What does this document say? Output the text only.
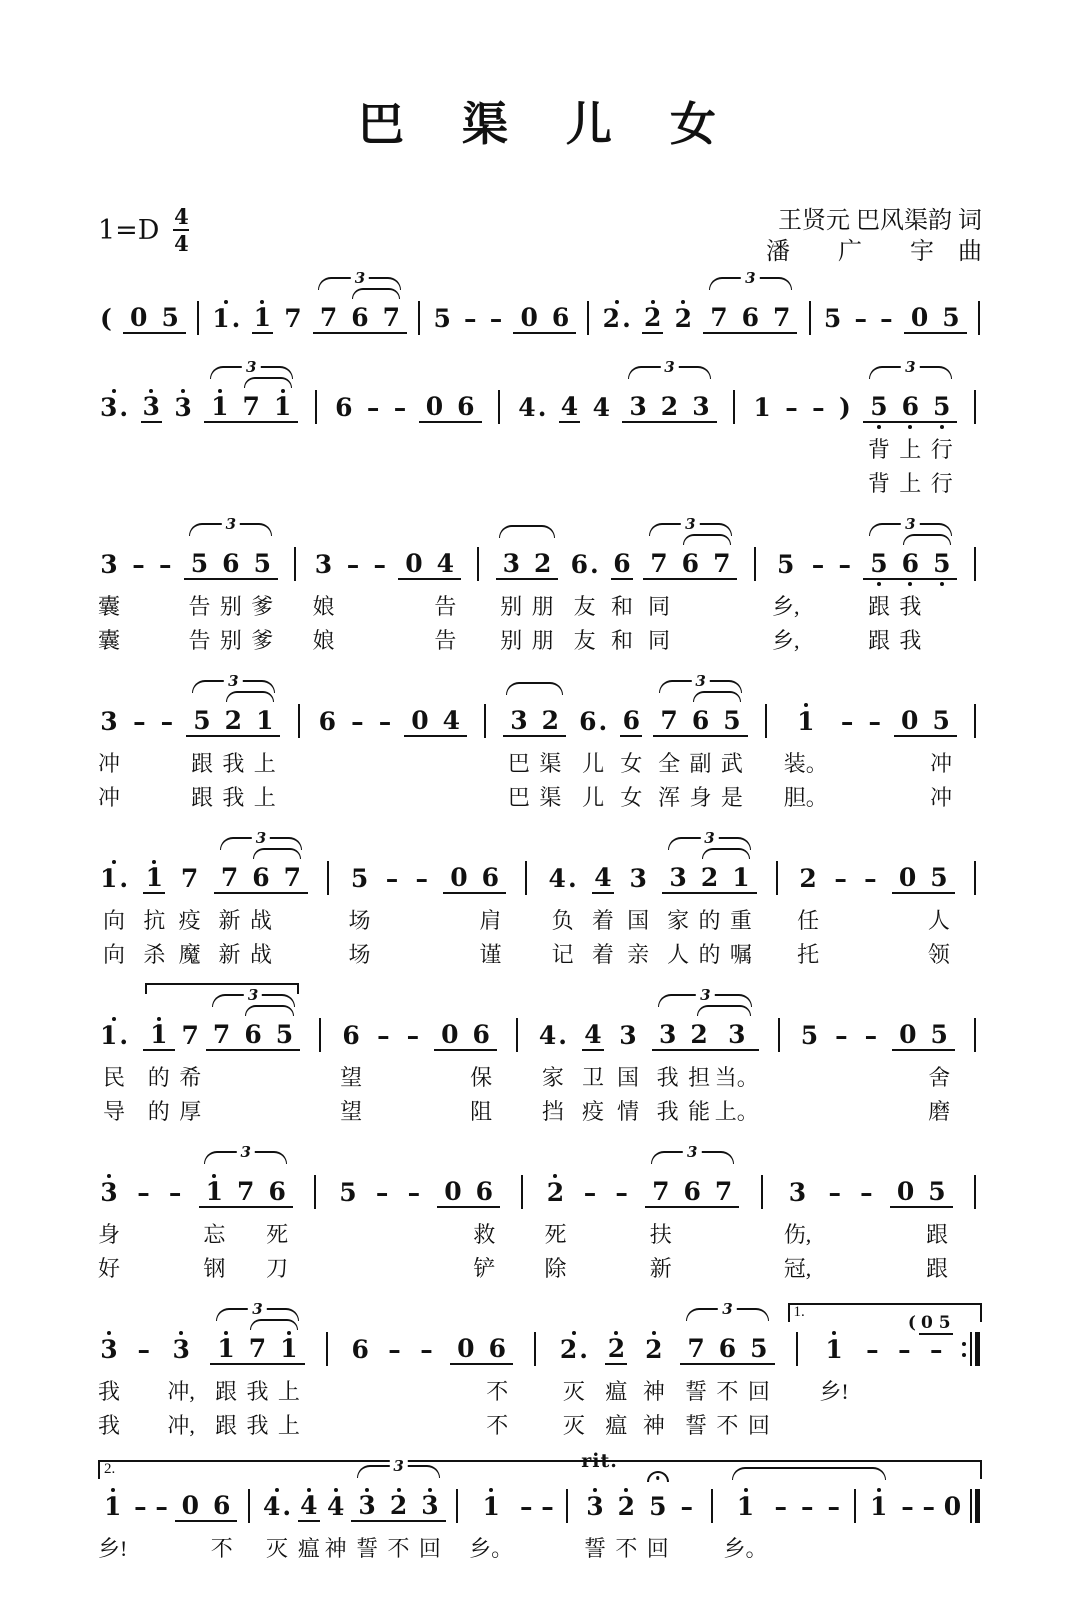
巴　渠　儿　女
1=D 4
4
王贤元 巴风渠韵 词
潘　　广　　宇　曲
( 0 5 1 . 1 7 7 6 7
3
5 – – 0 6 2 . 2 2 7 6 7
3
5 – – 0 5
3 . 3 3 1 7 1
3
6 – – 0 6 4 . 4 4 3 2 3
3
1 – – ) 5
背
背
6
上
上
5
行
行
3
3
囊
囊
– – 5
告
告
6
别
别
5
爹
爹
3
3
娘
娘
– – 0 4
告
告
3
别
别
2
朋
朋
6 .
友
友
6
和
和
7
同
同
6 7
3
5
乡,
乡,
– – 5
跟
跟
6
我
我
5
3
3
冲
冲
– – 5
跟
跟
2
我
我
1
上
上
3
6 – – 0 4 3
巴
巴
2
渠
渠
6 .
儿
儿
6
女
女
7
全
浑
6
副
身
5
武
是
3
1
装。
胆。
– – 0 5
冲
冲
1 .
向
向
1
抗
杀
7
疫
魔
7
新
新
6
战
战
7
3
5
场
场
– – 0 6
肩
谨
4 .
负
记
4
着
着
3
国
亲
3
家
人
2
的
的
1
重
嘱
3
2
任
托
– – 0 5
人
领
1 .
民
导
1
的
的
7
希
厚
7 6 5
3
6
望
望
– – 0 6
保
阻
4 .
家
挡
4
卫
疫
3
国
情
3
我
我
2
担
能
3
当。
上。
3
5 – – 0 5
舍
磨
3
身
好
– – 1
忘
钢
7 6
死
刀
3
5 – – 0 6
救
铲
2
死
除
– – 7
扶
新
6 7
3
3
伤,
冠,
– – 0 5
跟
跟
1.
3
我
我
– 3
冲,
冲,
1
跟
跟
7
我
我
1
上
上
3
6 – – 0 6
不
不
2 .
灭
灭
2
瘟
瘟
2
神
神
7
誓
誓
6
不
不
5
回
回
3
1
乡!
– –
( 0 5
–
2.
1
乡!
– – 0 6
不
4 .
灭
4
瘟
4
神
3
誓
2
不
3
回
3
1
乡。
– – 3
誓
2
不
5
回
–
rit.
1
乡。
– – – 1 – – 0
